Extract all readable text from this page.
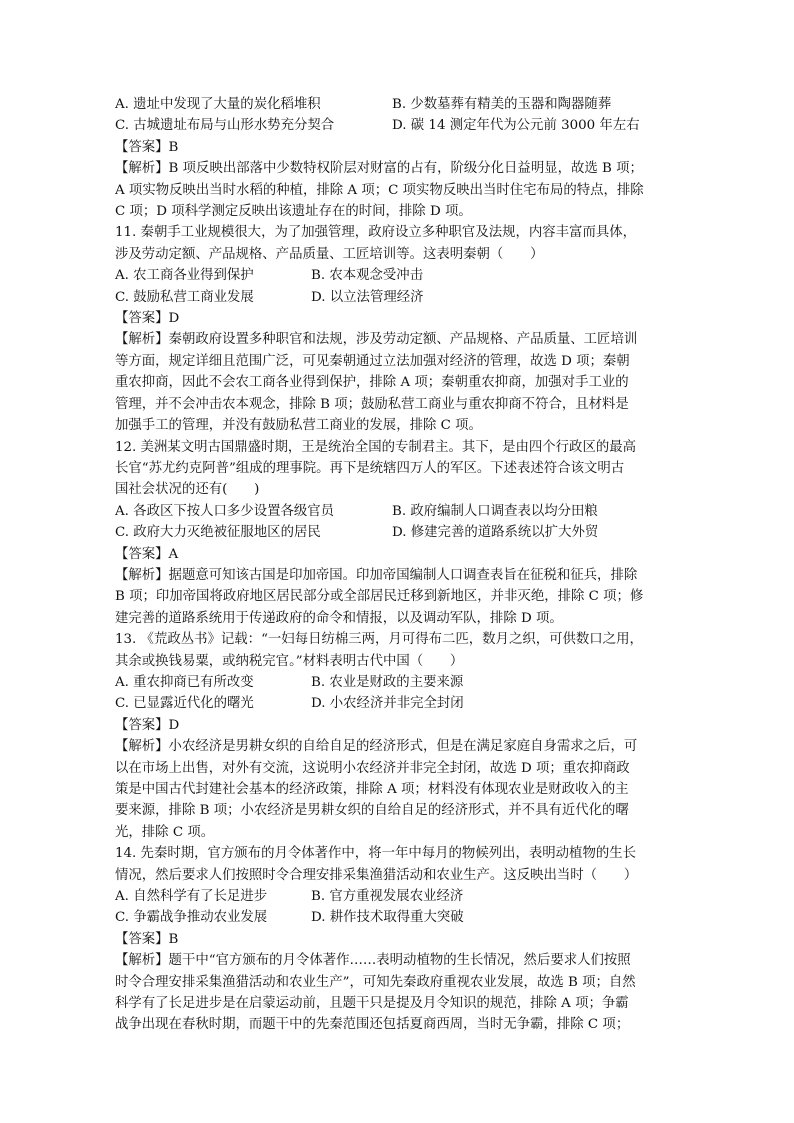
A. 遗址中发现了大量的炭化稻堆积	B. 少数墓葬有精美的玉器和陶器随葬
C. 古城遗址布局与山形水势充分契合	D. 碳 14 测定年代为公元前 3000 年左右
【答案】B
【解析】B 项反映出部落中少数特权阶层对财富的占有，阶级分化日益明显，故选 B 项；
A 项实物反映出当时水稻的种植，排除 A 项；C 项实物反映出当时住宅布局的特点，排除
C 项；D 项科学测定反映出该遗址存在的时间，排除 D 项。
11. 秦朝手工业规模很大，为了加强管理，政府设立多种职官及法规，内容丰富而具体，
涉及劳动定额、产品规格、产品质量、工匠培训等。这表明秦朝（　　）
A. 农工商各业得到保护	B. 农本观念受冲击
C. 鼓励私营工商业发展	D. 以立法管理经济
【答案】D
【解析】秦朝政府设置多种职官和法规，涉及劳动定额、产品规格、产品质量、工匠培训
等方面，规定详细且范围广泛，可见秦朝通过立法加强对经济的管理，故选 D 项；秦朝
重农抑商，因此不会农工商各业得到保护，排除 A 项；秦朝重农抑商，加强对手工业的
管理，并不会冲击农本观念，排除 B 项；鼓励私营工商业与重农抑商不符合，且材料是
加强手工的管理，并没有鼓励私营工商业的发展，排除 C 项。
12. 美洲某文明古国鼎盛时期，王是统治全国的专制君主。其下，是由四个行政区的最高
长官“苏尤约克阿普”组成的理事院。再下是统辖四万人的军区。下述表述符合该文明古
国社会状况的还有(　　)
A. 各政区下按人口多少设置各级官员	B. 政府编制人口调查表以均分田粮
C. 政府大力灭绝被征服地区的居民	D. 修建完善的道路系统以扩大外贸
【答案】A
【解析】据题意可知该古国是印加帝国。印加帝国编制人口调查表旨在征税和征兵，排除
B 项；印加帝国将政府地区居民部分或全部居民迁移到新地区，并非灭绝，排除 C 项；修
建完善的道路系统用于传递政府的命令和情报，以及调动军队，排除 D 项。
13. 《荒政丛书》记载：“一妇每日纺棉三两，月可得布二匹，数月之织，可供数口之用，
其余或换钱易粟，或纳税完官。”材料表明古代中国（　　）
A. 重农抑商已有所改变	B. 农业是财政的主要来源
C. 已显露近代化的曙光	D. 小农经济并非完全封闭
【答案】D
【解析】小农经济是男耕女织的自给自足的经济形式，但是在满足家庭自身需求之后，可
以在市场上出售，对外有交流，这说明小农经济并非完全封闭，故选 D 项；重农抑商政
策是中国古代封建社会基本的经济政策，排除 A 项；材料没有体现农业是财政收入的主
要来源，排除 B 项；小农经济是男耕女织的自给自足的经济形式，并不具有近代化的曙
光，排除 C 项。
14. 先秦时期，官方颁布的月令体著作中，将一年中每月的物候列出，表明动植物的生长
情况，然后要求人们按照时令合理安排采集渔猎活动和农业生产。这反映出当时（　　）
A. 自然科学有了长足进步	B. 官方重视发展农业经济
C. 争霸战争推动农业发展	D. 耕作技术取得重大突破
【答案】B
【解析】题干中“官方颁布的月令体著作……表明动植物的生长情况，然后要求人们按照
时令合理安排采集渔猎活动和农业生产”，可知先秦政府重视农业发展，故选 B 项；自然
科学有了长足进步是在启蒙运动前，且题干只是提及月令知识的规范，排除 A 项；争霸
战争出现在春秋时期，而题干中的先秦范围还包括夏商西周，当时无争霸，排除 C 项；
